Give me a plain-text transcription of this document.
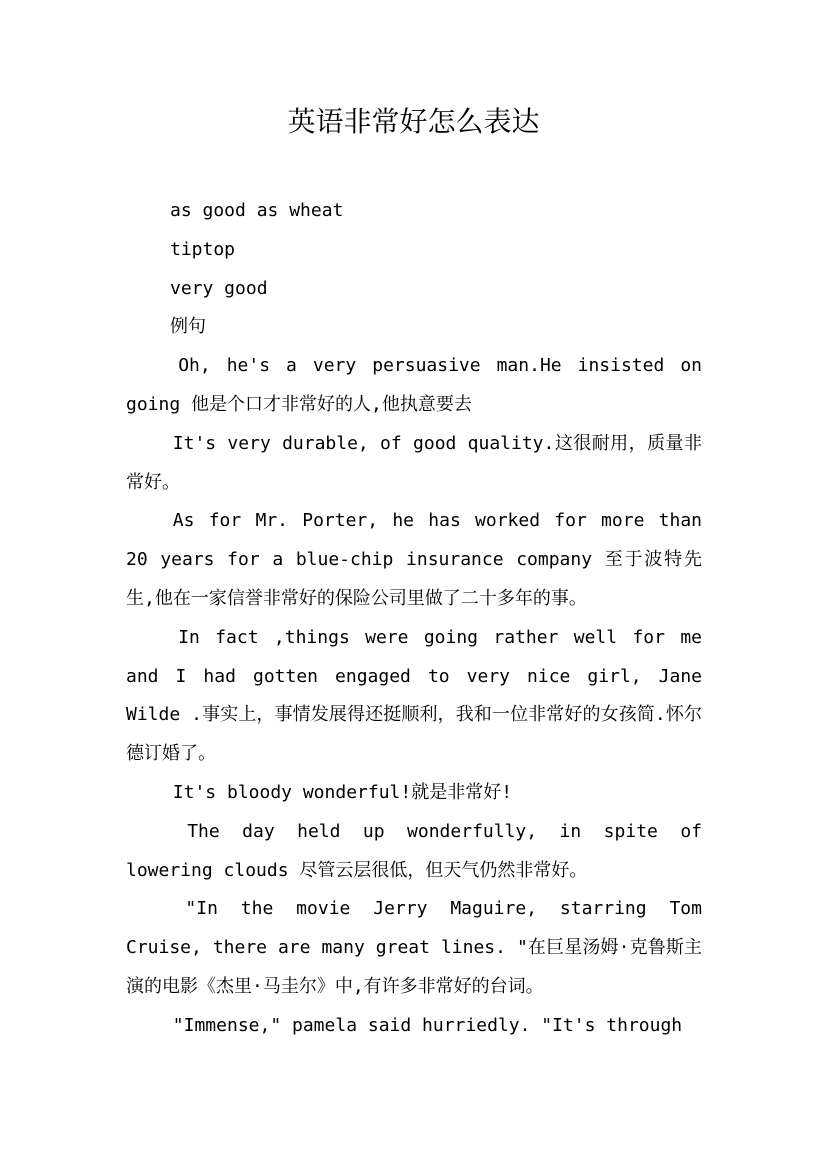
英语非常好怎么表达

as good as wheat

tiptop

very good

例句

Oh, he's a very persuasive man.He insisted on going 他是个口才非常好的人,他执意要去

It's very durable, of good quality.这很耐用，质量非常好。

As for Mr. Porter, he has worked for more than 20 years for a blue-chip insurance company 至于波特先生,他在一家信誉非常好的保险公司里做了二十多年的事。

In fact ,things were going rather well for me and I had gotten engaged to very nice girl, Jane Wilde .事实上，事情发展得还挺顺利，我和一位非常好的女孩简.怀尔德订婚了。

It's bloody wonderful!就是非常好!

The day held up wonderfully, in spite of lowering clouds 尽管云层很低，但天气仍然非常好。

"In the movie Jerry Maguire, starring Tom Cruise, there are many great lines. "在巨星汤姆·克鲁斯主演的电影《杰里·马圭尔》中,有许多非常好的台词。

"Immense," pamela said hurriedly. "It's through
